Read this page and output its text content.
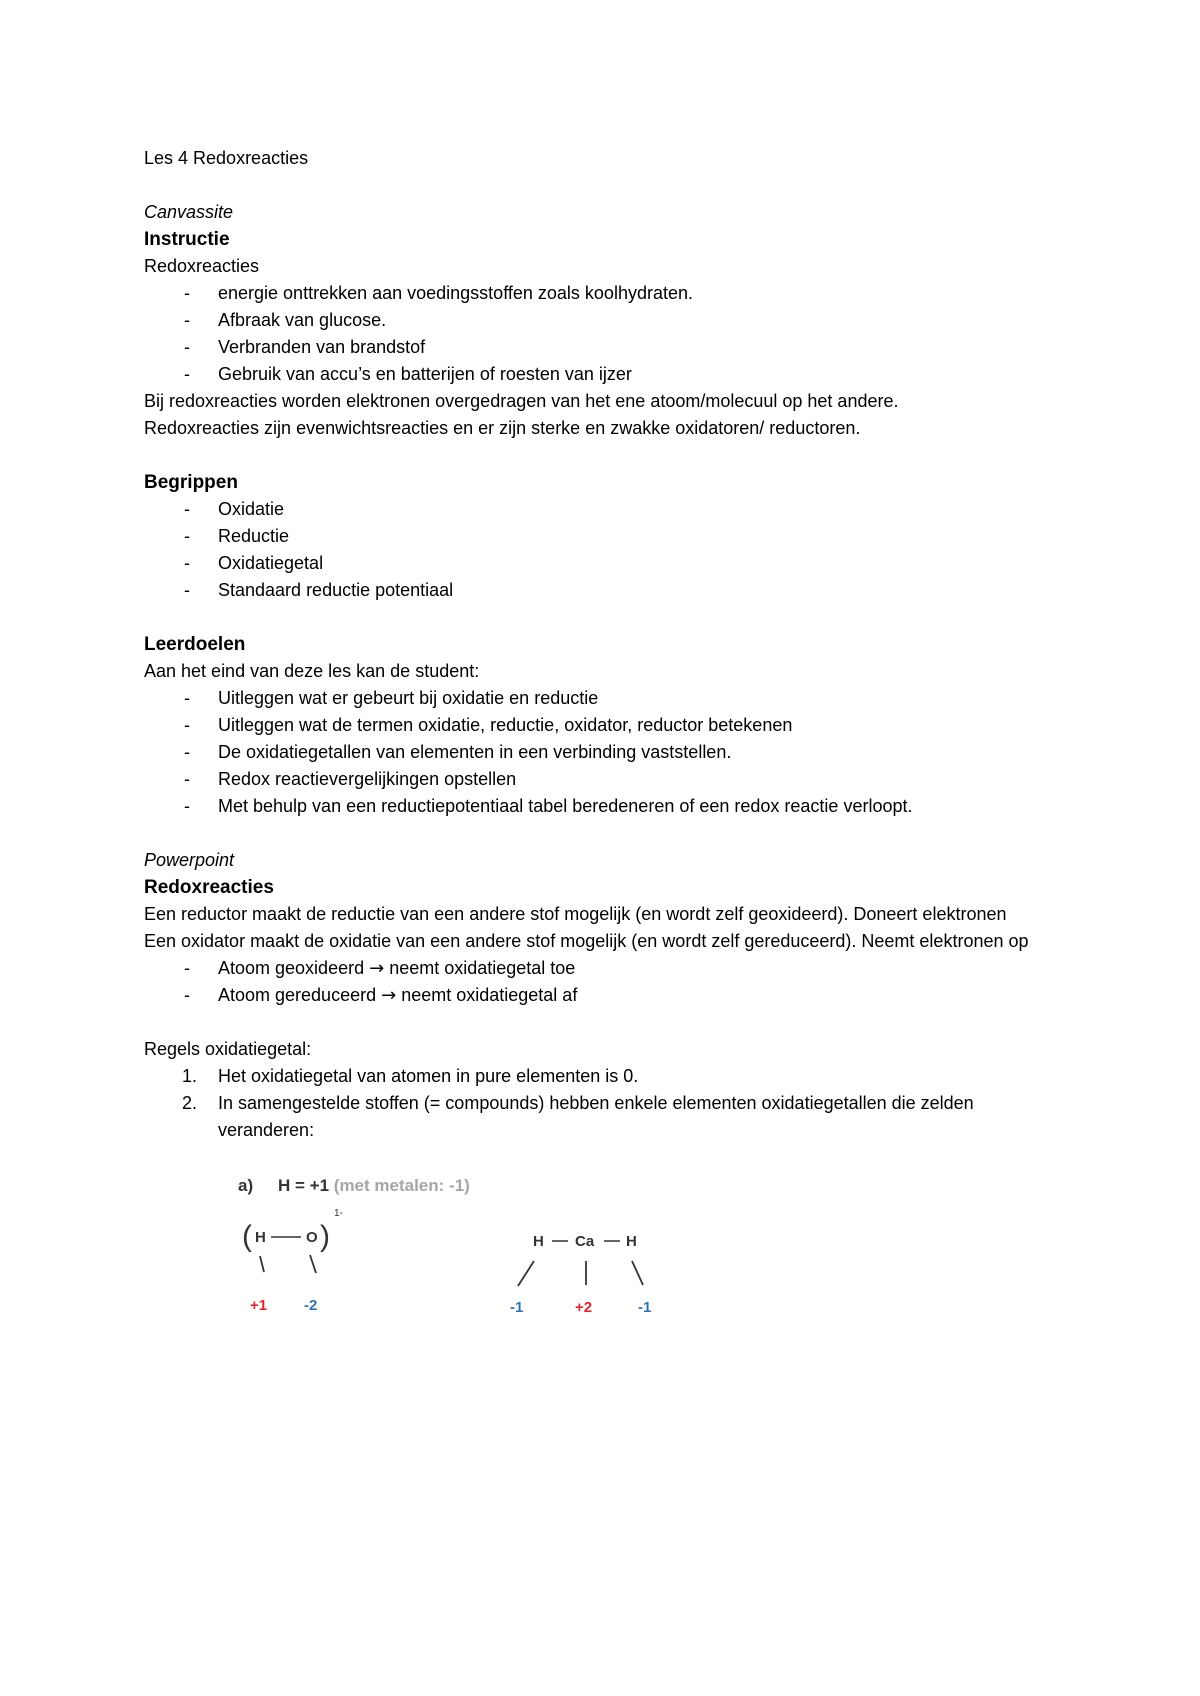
Les 4 Redoxreacties

Canvassite

Instructie

Redoxreacties

- energie onttrekken aan voedingsstoffen zoals koolhydraten.
- Afbraak van glucose.
- Verbranden van brandstof
- Gebruik van accu’s en batterijen of roesten van ijzer

Bij redoxreacties worden elektronen overgedragen van het ene atoom/molecuul op het andere.

Redoxreacties zijn evenwichtsreacties en er zijn sterke en zwakke oxidatoren/ reductoren.

Begrippen

- Oxidatie
- Reductie
- Oxidatiegetal
- Standaard reductie potentiaal

Leerdoelen

Aan het eind van deze les kan de student:

- Uitleggen wat er gebeurt bij oxidatie en reductie
- Uitleggen wat de termen oxidatie, reductie, oxidator, reductor betekenen
- De oxidatiegetallen van elementen in een verbinding vaststellen.
- Redox reactievergelijkingen opstellen
- Met behulp van een reductiepotentiaal tabel beredeneren of een redox reactie verloopt.

Powerpoint

Redoxreacties

Een reductor maakt de reductie van een andere stof mogelijk (en wordt zelf geoxideerd). Doneert elektronen

Een oxidator maakt de oxidatie van een andere stof mogelijk (en wordt zelf gereduceerd). Neemt elektronen op

- Atoom geoxideerd → neemt oxidatiegetal toe
- Atoom gereduceerd → neemt oxidatiegetal af

Regels oxidatiegetal:

1. Het oxidatiegetal van atomen in pure elementen is 0.
2. In samengestelde stoffen (= compounds) hebben enkele elementen oxidatiegetallen die zelden veranderen:
a) H = +1 (met metalen: -1)
( H	O )
1-
+1 -2
H Ca H
-1	+2	-1
